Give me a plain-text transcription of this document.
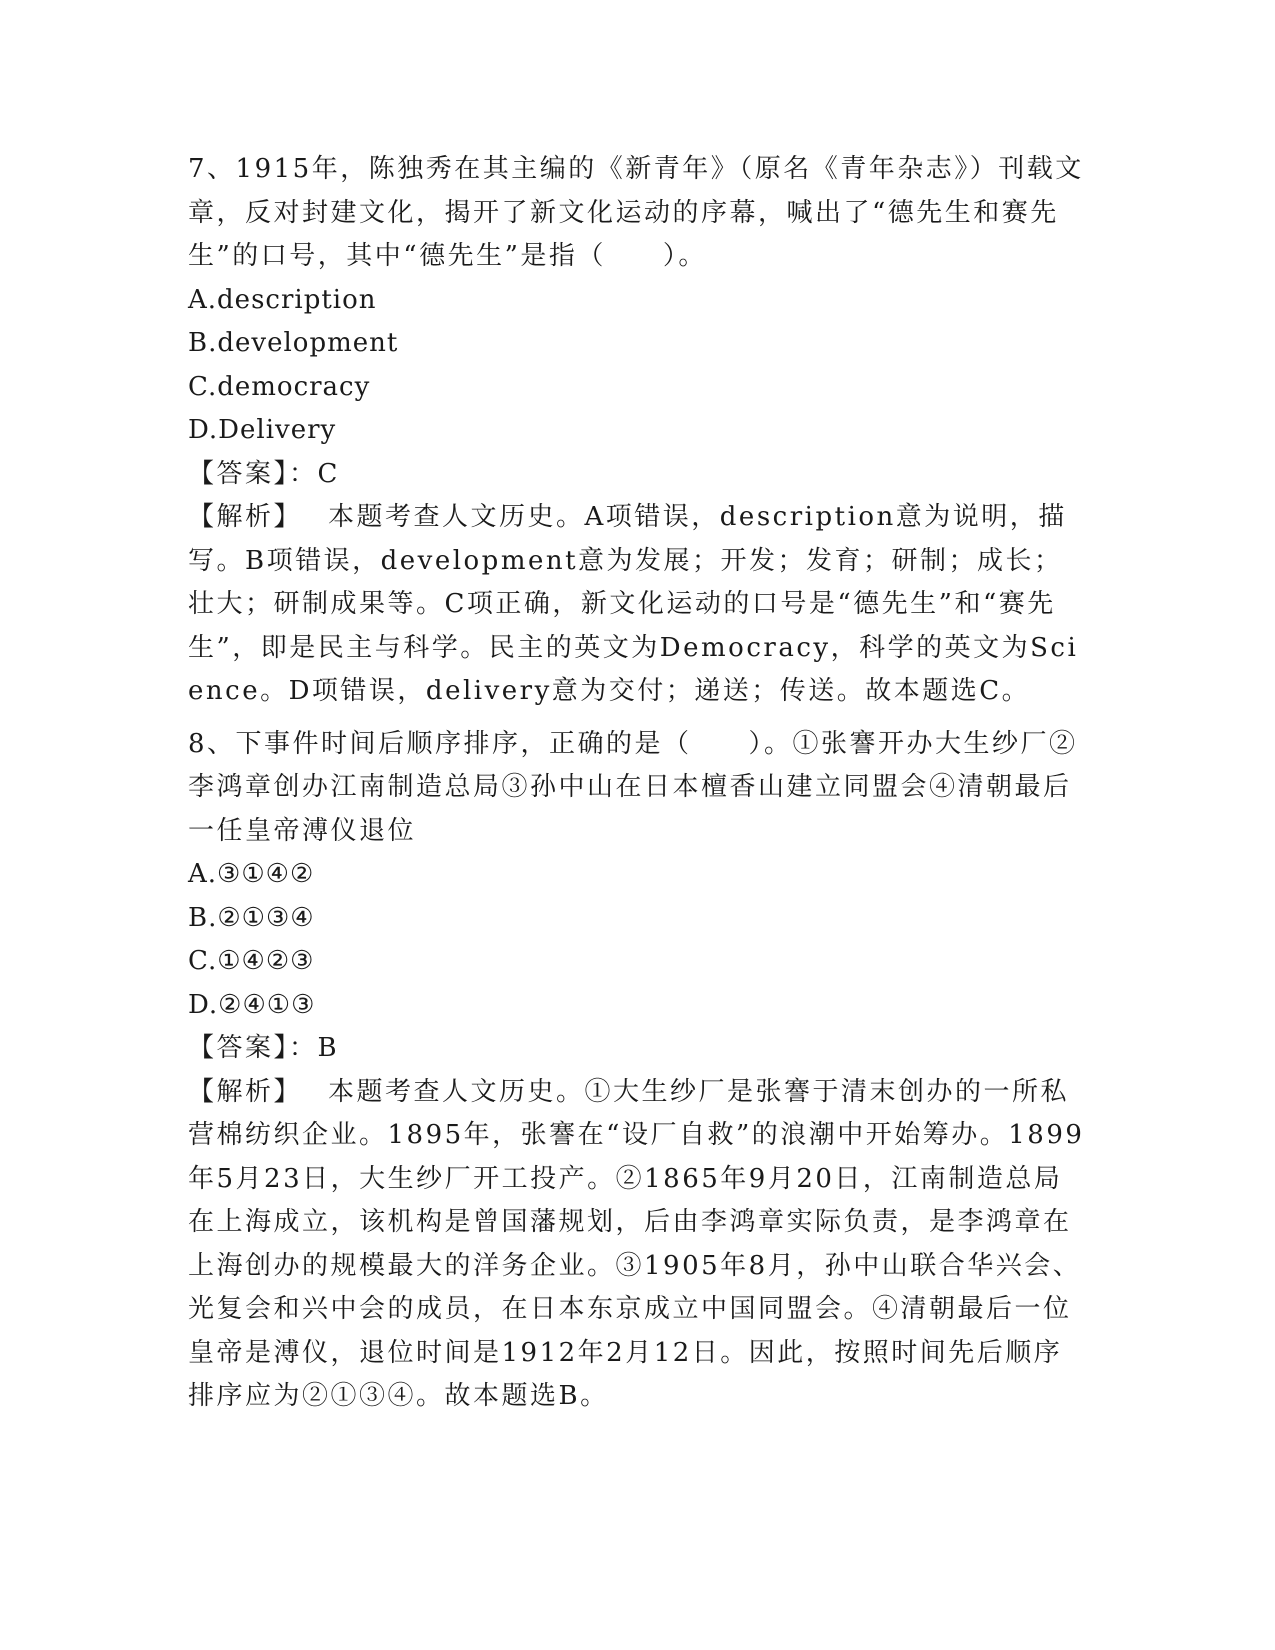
7、1915年，陈独秀在其主编的《新青年》（原名《青年杂志》）刊载文章，反对封建文化，揭开了新文化运动的序幕，喊出了“德先生和赛先生”的口号，其中“德先生”是指（　　）。

A.description

B.development

C.democracy

D.Delivery

【答案】：C

【解析】 本题考查人文历史。A项错误，description意为说明，描写。B项错误，development意为发展；开发；发育；研制；成长；壮大；研制成果等。C项正确，新文化运动的口号是“德先生”和“赛先生”，即是民主与科学。民主的英文为Democracy，科学的英文为Science。D项错误，delivery意为交付；递送；传送。故本题选C。

8、下事件时间后顺序排序，正确的是（　　）。①张謇开办大生纱厂②李鸿章创办江南制造总局③孙中山在日本檀香山建立同盟会④清朝最后一任皇帝溥仪退位

A.③①④②

B.②①③④

C.①④②③

D.②④①③

【答案】：B

【解析】 本题考查人文历史。①大生纱厂是张謇于清末创办的一所私营棉纺织企业。1895年，张謇在“设厂自救”的浪潮中开始筹办。1899年5月23日，大生纱厂开工投产。②1865年9月20日，江南制造总局在上海成立，该机构是曾国藩规划，后由李鸿章实际负责，是李鸿章在上海创办的规模最大的洋务企业。③1905年8月，孙中山联合华兴会、光复会和兴中会的成员，在日本东京成立中国同盟会。④清朝最后一位皇帝是溥仪，退位时间是1912年2月12日。因此，按照时间先后顺序排序应为②①③④。故本题选B。
